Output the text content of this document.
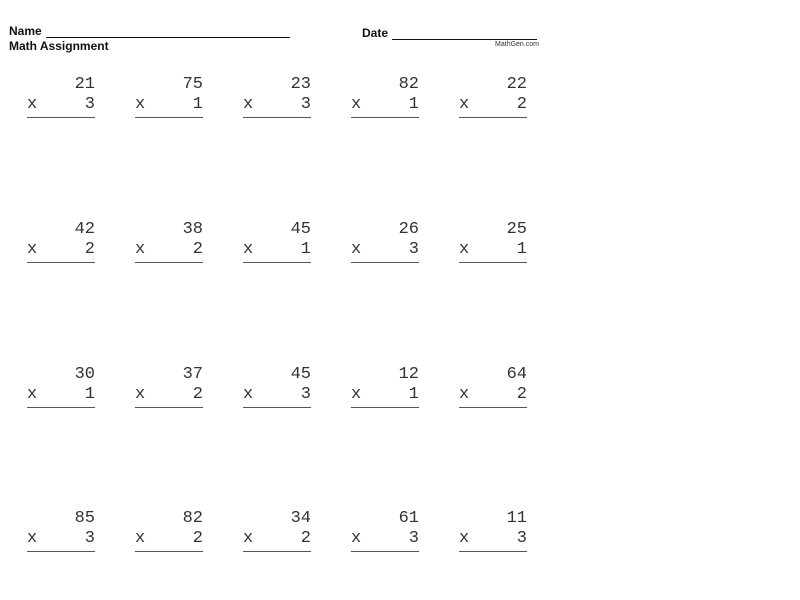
Name
Math Assignment
Date
MathGen.com
21
x	3
75
x	1
23
x	3
82
x	1
22
x	2
42
x	2
38
x	2
45
x	1
26
x	3
25
x	1
30
x	1
37
x	2
45
x	3
12
x	1
64
x	2
85
x	3
82
x	2
34
x	2
61
x	3
11
x	3
